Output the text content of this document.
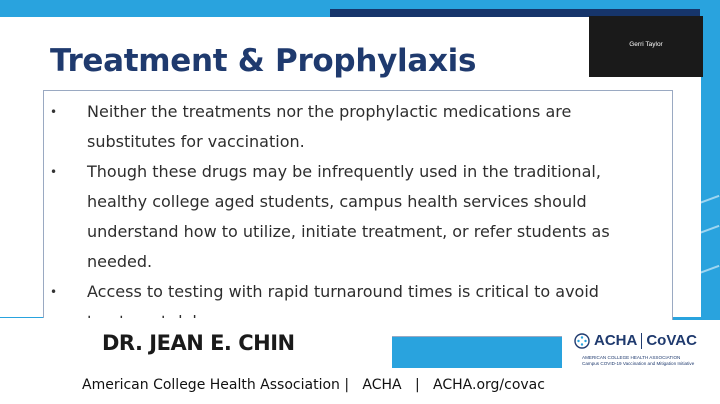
Treatment & Prophylaxis
• Neither the treatments nor the prophylactic medications are
substitutes for vaccination.
• Though these drugs may be infrequently used in the traditional,
healthy college aged students, campus health services should
understand how to utilize, initiate treatment, or refer students as
needed.
• Access to testing with rapid turnaround times is critical to avoid
Gerri Taylor
DR. JEAN E. CHIN	ACHA CoVAC
AMERICAN COLLEGE HEALTH ASSOCIATION
Campus COVID-19 Vaccination and Mitigation Initiative
American College Health Association |   ACHA   |   ACHA.org/covac
